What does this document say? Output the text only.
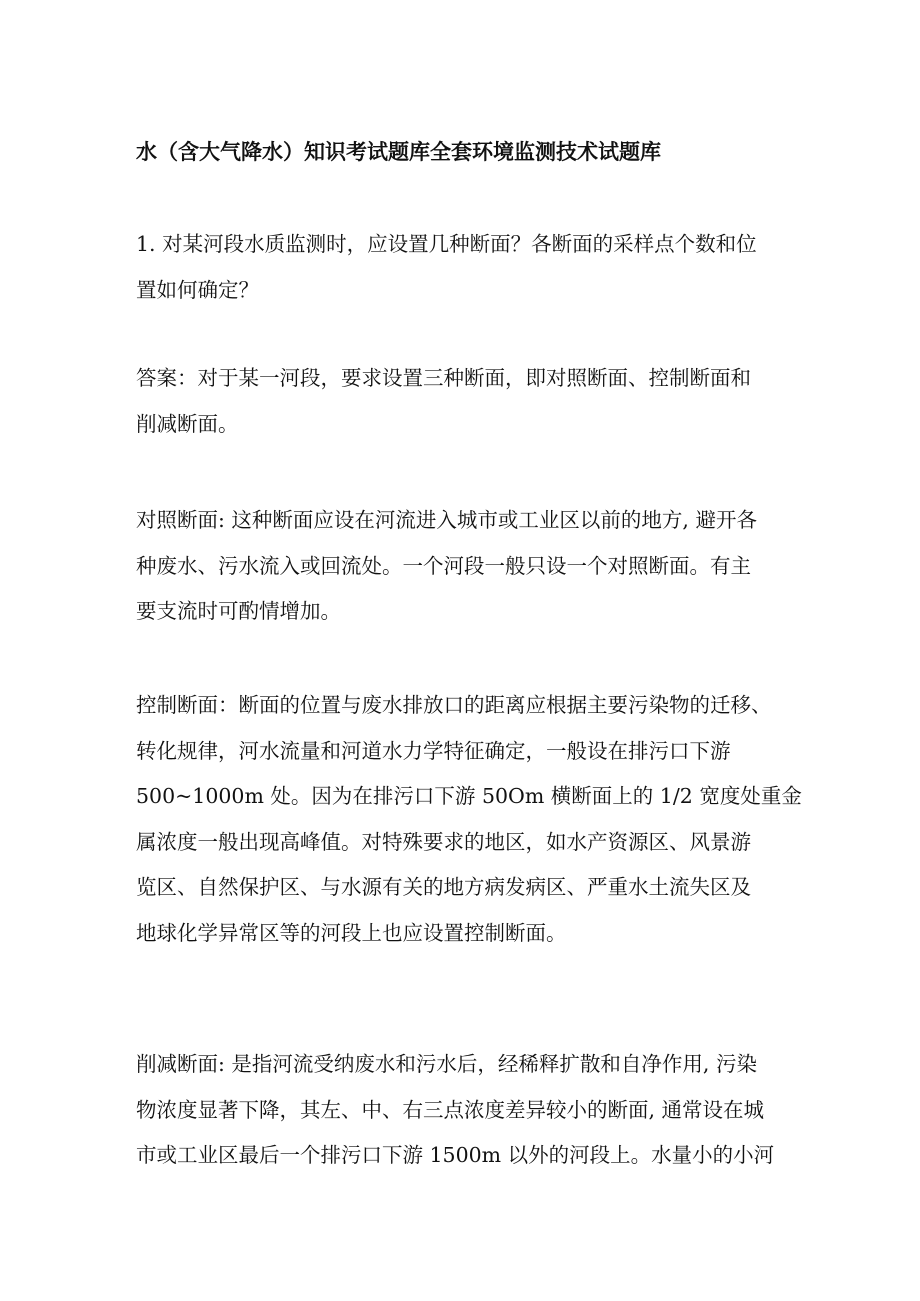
水（含大气降水）知识考试题库全套环境监测技术试题库

1. 对某河段水质监测时，应设置几种断面？各断面的采样点个数和位
置如何确定？

答案：对于某一河段，要求设置三种断面，即对照断面、控制断面和
削减断面。

对照断面: 这种断面应设在河流进入城市或工业区以前的地方, 避开各
种废水、污水流入或回流处。一个河段一般只设一个对照断面。有主
要支流时可酌情增加。

控制断面：断面的位置与废水排放口的距离应根据主要污染物的迁移、
转化规律，河水流量和河道水力学特征确定，一般设在排污口下游
500~1000m 处。因为在排污口下游 50Om 横断面上的 1/2 宽度处重金
属浓度一般出现高峰值。对特殊要求的地区，如水产资源区、风景游
览区、自然保护区、与水源有关的地方病发病区、严重水土流失区及
地球化学异常区等的河段上也应设置控制断面。

削减断面: 是指河流受纳废水和污水后，经稀释扩散和自净作用, 污染
物浓度显著下降，其左、中、右三点浓度差异较小的断面, 通常设在城
市或工业区最后一个排污口下游 1500m 以外的河段上。水量小的小河
